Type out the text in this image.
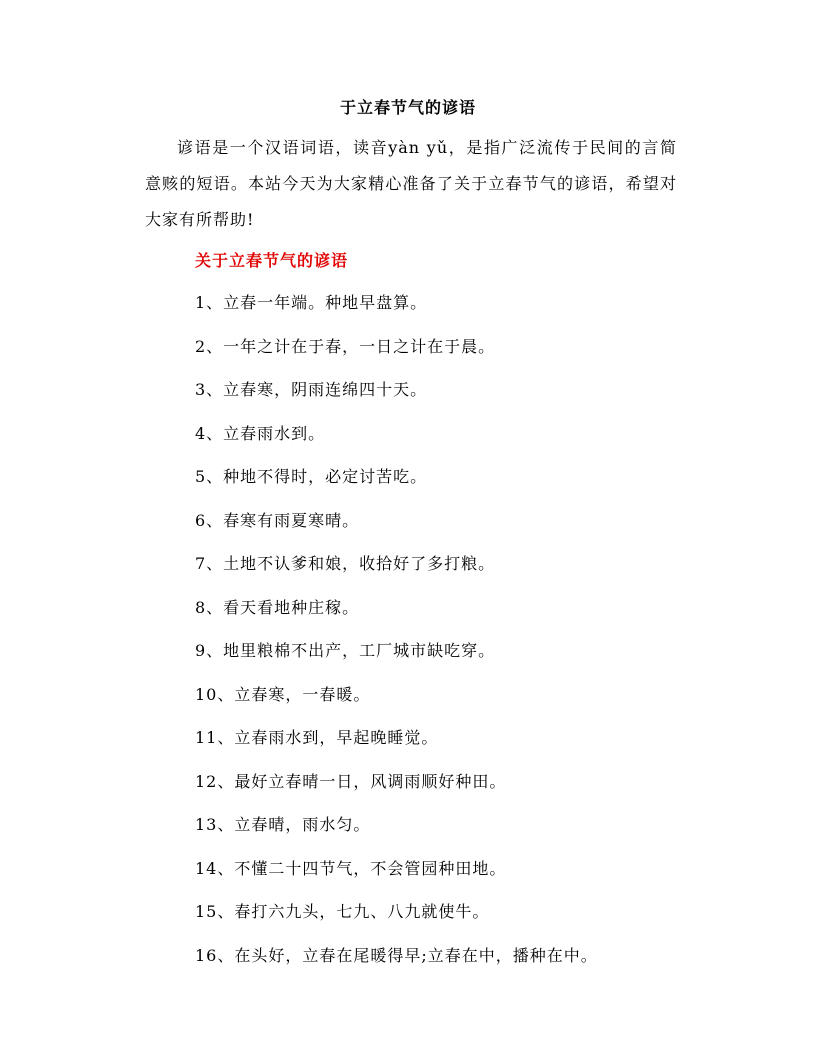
于立春节气的谚语
谚语是一个汉语词语，读音yàn yǔ，是指广泛流传于民间的言简意赅的短语。本站今天为大家精心准备了关于立春节气的谚语，希望对大家有所帮助!
关于立春节气的谚语
1、立春一年端。种地早盘算。
2、一年之计在于春，一日之计在于晨。
3、立春寒，阴雨连绵四十天。
4、立春雨水到。
5、种地不得时，必定讨苦吃。
6、春寒有雨夏寒晴。
7、土地不认爹和娘，收拾好了多打粮。
8、看天看地种庄稼。
9、地里粮棉不出产，工厂城市缺吃穿。
10、立春寒，一春暖。
11、立春雨水到，早起晚睡觉。
12、最好立春晴一日，风调雨顺好种田。
13、立春晴，雨水匀。
14、不懂二十四节气，不会管园种田地。
15、春打六九头，七九、八九就使牛。
16、在头好，立春在尾暖得早;立春在中，播种在中。
